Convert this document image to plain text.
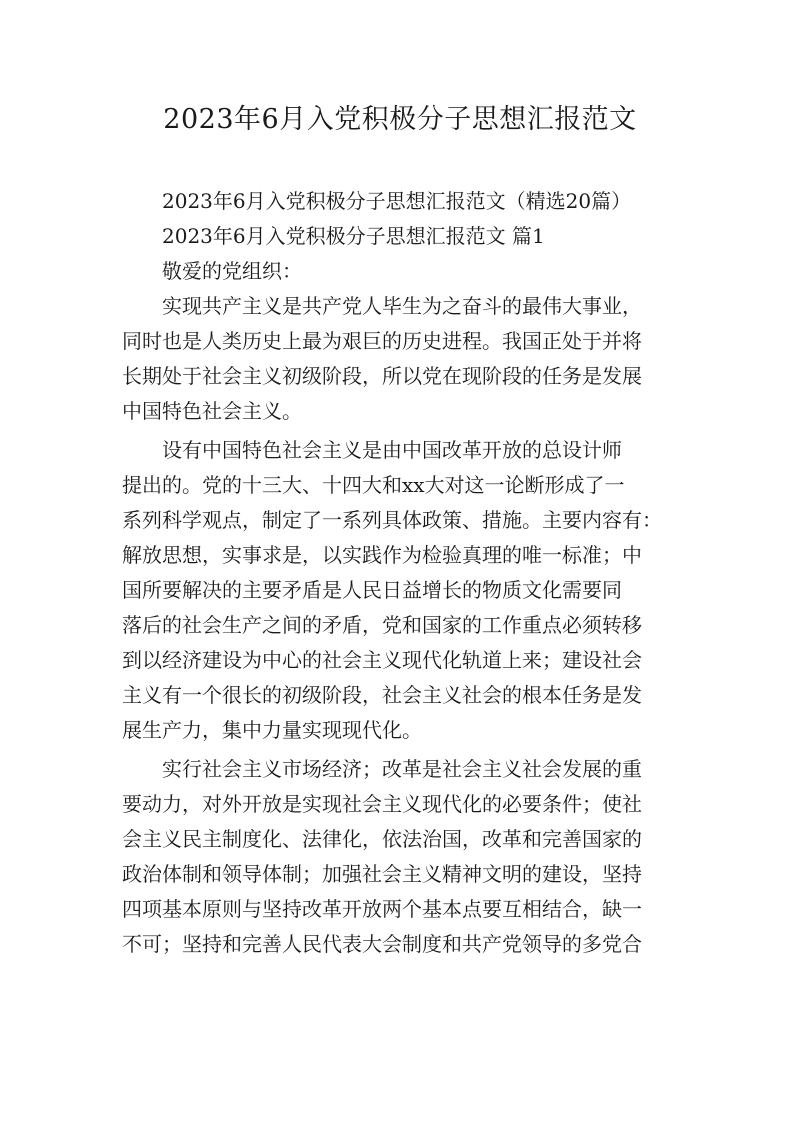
2023年6月入党积极分子思想汇报范文

2023年6月入党积极分子思想汇报范文（精选20篇）

2023年6月入党积极分子思想汇报范文 篇1

敬爱的党组织：

实现共产主义是共产党人毕生为之奋斗的最伟大事业，

同时也是人类历史上最为艰巨的历史进程。我国正处于并将

长期处于社会主义初级阶段，所以党在现阶段的任务是发展

中国特色社会主义。

设有中国特色社会主义是由中国改革开放的总设计师

提出的。党的十三大、十四大和xx大对这一论断形成了一

系列科学观点，制定了一系列具体政策、措施。主要内容有：

解放思想，实事求是，以实践作为检验真理的唯一标准；中

国所要解决的主要矛盾是人民日益增长的物质文化需要同

落后的社会生产之间的矛盾，党和国家的工作重点必须转移

到以经济建设为中心的社会主义现代化轨道上来；建设社会

主义有一个很长的初级阶段，社会主义社会的根本任务是发

展生产力，集中力量实现现代化。

实行社会主义市场经济；改革是社会主义社会发展的重

要动力，对外开放是实现社会主义现代化的必要条件；使社

会主义民主制度化、法律化，依法治国，改革和完善国家的

政治体制和领导体制；加强社会主义精神文明的建设，坚持

四项基本原则与坚持改革开放两个基本点要互相结合，缺一

不可；坚持和完善人民代表大会制度和共产党领导的多党合
